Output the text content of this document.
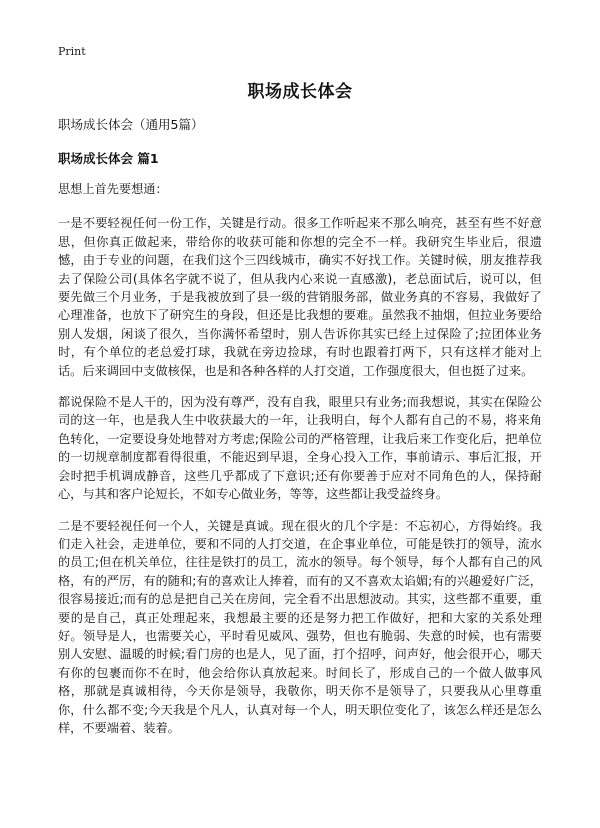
Print
职场成长体会
职场成长体会（通用5篇）
职场成长体会 篇1

思想上首先要想通：

一是不要轻视任何一份工作，关键是行动。很多工作听起来不那么响亮，甚至有些不好意思，但你真正做起来，带给你的收获可能和你想的完全不一样。我研究生毕业后，很遗憾，由于专业的问题，在我们这个三四线城市，确实不好找工作。关键时候，朋友推荐我去了保险公司(具体名字就不说了，但从我内心来说一直感激)，老总面试后，说可以，但要先做三个月业务，于是我被放到了县一级的营销服务部，做业务真的不容易，我做好了心理准备，也放下了研究生的身段，但还是比我想的要难。虽然我不抽烟，但拉业务要给别人发烟，闲谈了很久，当你满怀希望时，别人告诉你其实已经上过保险了;拉团体业务时，有个单位的老总爱打球，我就在旁边捡球，有时也跟着打两下，只有这样才能对上话。后来调回中支做核保，也是和各种各样的人打交道，工作强度很大，但也挺了过来。

都说保险不是人干的，因为没有尊严，没有自我，眼里只有业务;而我想说，其实在保险公司的这一年，也是我人生中收获最大的一年，让我明白，每个人都有自己的不易，将来角色转化，一定要设身处地替对方考虑;保险公司的严格管理，让我后来工作变化后，把单位的一切规章制度都看得很重，不能迟到早退，全身心投入工作，事前请示、事后汇报，开会时把手机调成静音，这些几乎都成了下意识;还有你要善于应对不同角色的人，保持耐心，与其和客户论短长，不如专心做业务，等等，这些都让我受益终身。

二是不要轻视任何一个人，关键是真诚。现在很火的几个字是：不忘初心，方得始终。我们走入社会，走进单位，要和不同的人打交道，在企事业单位，可能是铁打的领导，流水的员工;但在机关单位，往往是铁打的员工，流水的领导。每个领导，每个人都有自己的风格，有的严厉，有的随和;有的喜欢让人捧着，而有的又不喜欢太谄媚;有的兴趣爱好广泛，很容易接近;而有的总是把自己关在房间，完全看不出思想波动。其实，这些都不重要，重要的是自己，真正处理起来，我想最主要的还是努力把工作做好，把和大家的关系处理好。领导是人，也需要关心，平时看见威风、强势，但也有脆弱、失意的时候，也有需要别人安慰、温暖的时候;看门房的也是人，见了面，打个招呼，问声好，他会很开心，哪天有你的包裹而你不在时，他会给你认真放起来。时间长了，形成自己的一个做人做事风格，那就是真诚相待，今天你是领导，我敬你，明天你不是领导了，只要我从心里尊重你，什么都不变;今天我是个凡人，认真对每一个人，明天职位变化了，该怎么样还是怎么样，不要端着、装着。
